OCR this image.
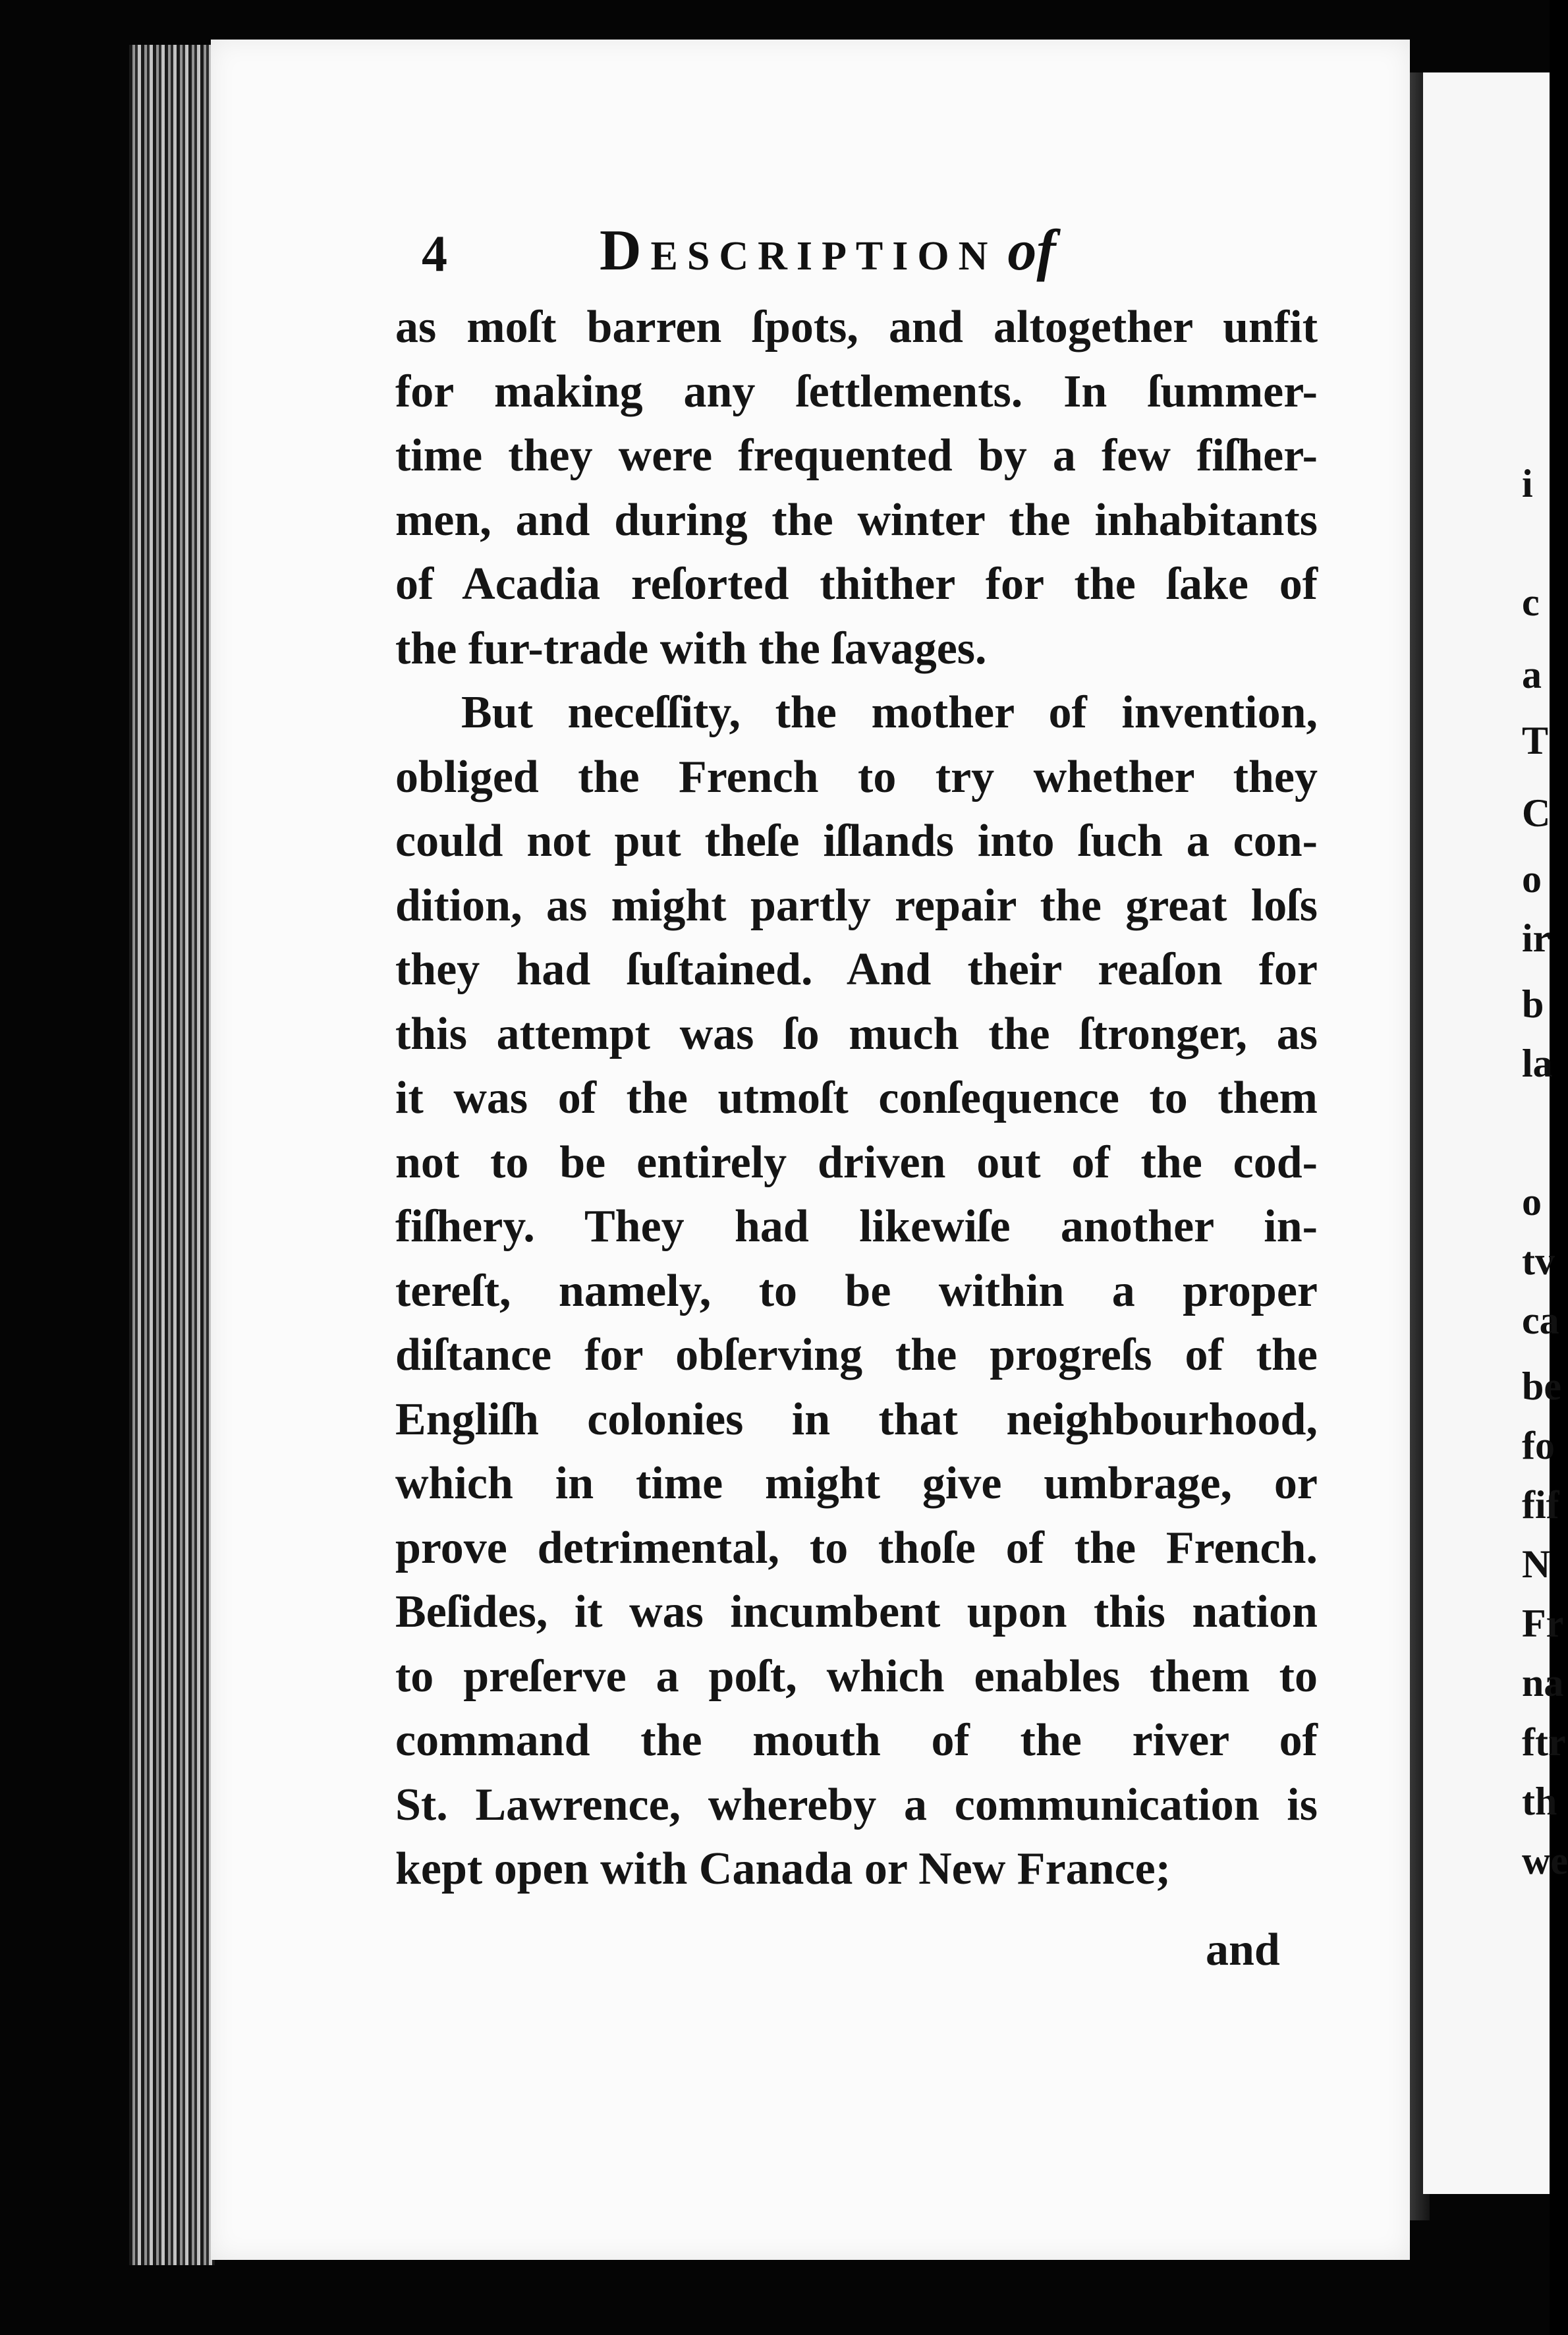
i
c
a
T
C
o
ir
b
la
o
tv
ca
be
fo
fif
N
Fr
na
ftr
th
we
4	Description of
as moſt barren ſpots, and altogether unfit
for making any ſettlements. In ſummer-
time they were frequented by a few fiſher-
men, and during the winter the inhabitants
of Acadia reſorted thither for the ſake of
the fur-trade with the ſavages.
But neceſſity, the mother of invention,
obliged the French to try whether they
could not put theſe iſlands into ſuch a con-
dition, as might partly repair the great loſs
they had ſuſtained. And their reaſon for
this attempt was ſo much the ſtronger, as
it was of the utmoſt conſequence to them
not to be entirely driven out of the cod-
fiſhery. They had likewiſe another in-
tereſt, namely, to be within a proper
diſtance for obſerving the progreſs of the
Engliſh colonies in that neighbourhood,
which in time might give umbrage, or
prove detrimental, to thoſe of the French.
Beſides, it was incumbent upon this nation
to preſerve a poſt, which enables them to
command the mouth of the river of
St. Lawrence, whereby a communication is
kept open with Canada or New France;
and
